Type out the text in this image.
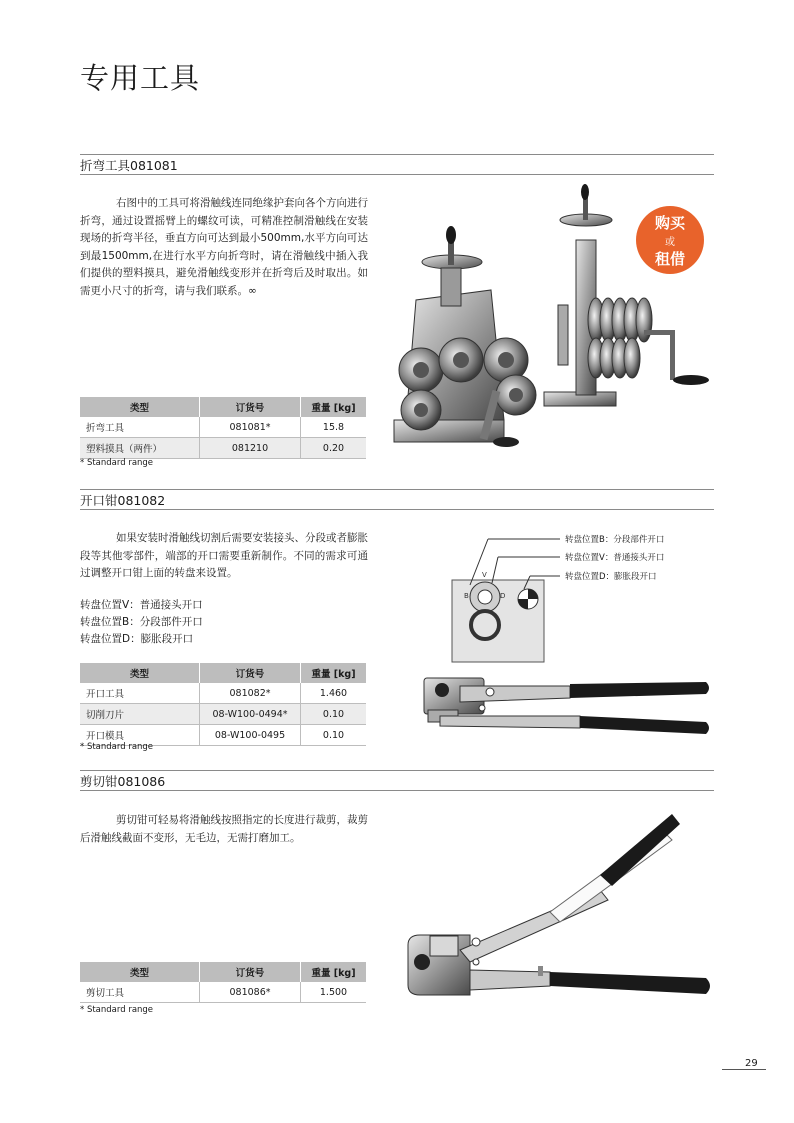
专用工具
折弯工具081081
右图中的工具可将滑触线连同绝缘护套向各个方向进行折弯，通过设置摇臂上的螺纹可读，可精准控制滑触线在安装现场的折弯半径，垂直方向可达到最小500mm,水平方向可达到最1500mm,在进行水平方向折弯时，请在滑触线中插入我们提供的塑料摸具，避免滑触线变形并在折弯后及时取出。如需更小尺寸的折弯，请与我们联系。∞
类型	订货号	重量 [kg]
折弯工具	081081*	15.8
塑料摸具（两件）	081210	0.20
* Standard range
购买
或
租借
开口钳081082
如果安装时滑触线切割后需要安装接头、分段或者膨胀段等其他零部件，端部的开口需要重新制作。不同的需求可通过调整开口钳上面的转盘来设置。
转盘位置V：普通接头开口
转盘位置B：分段部件开口
转盘位置D：膨胀段开口
类型	订货号	重量 [kg]
开口工具	081082*	1.460
切削刀片	08-W100-0494*	0.10
开口模具	08-W100-0495	0.10
* Standard range
B
V
D
转盘位置B：分段部件开口
转盘位置V：普通接头开口
转盘位置D：膨胀段开口
剪切钳081086
剪切钳可轻易将滑触线按照指定的长度进行裁剪，裁剪后滑触线截面不变形，无毛边，无需打磨加工。
类型	订货号	重量 [kg]
剪切工具	081086*	1.500
* Standard range
29
